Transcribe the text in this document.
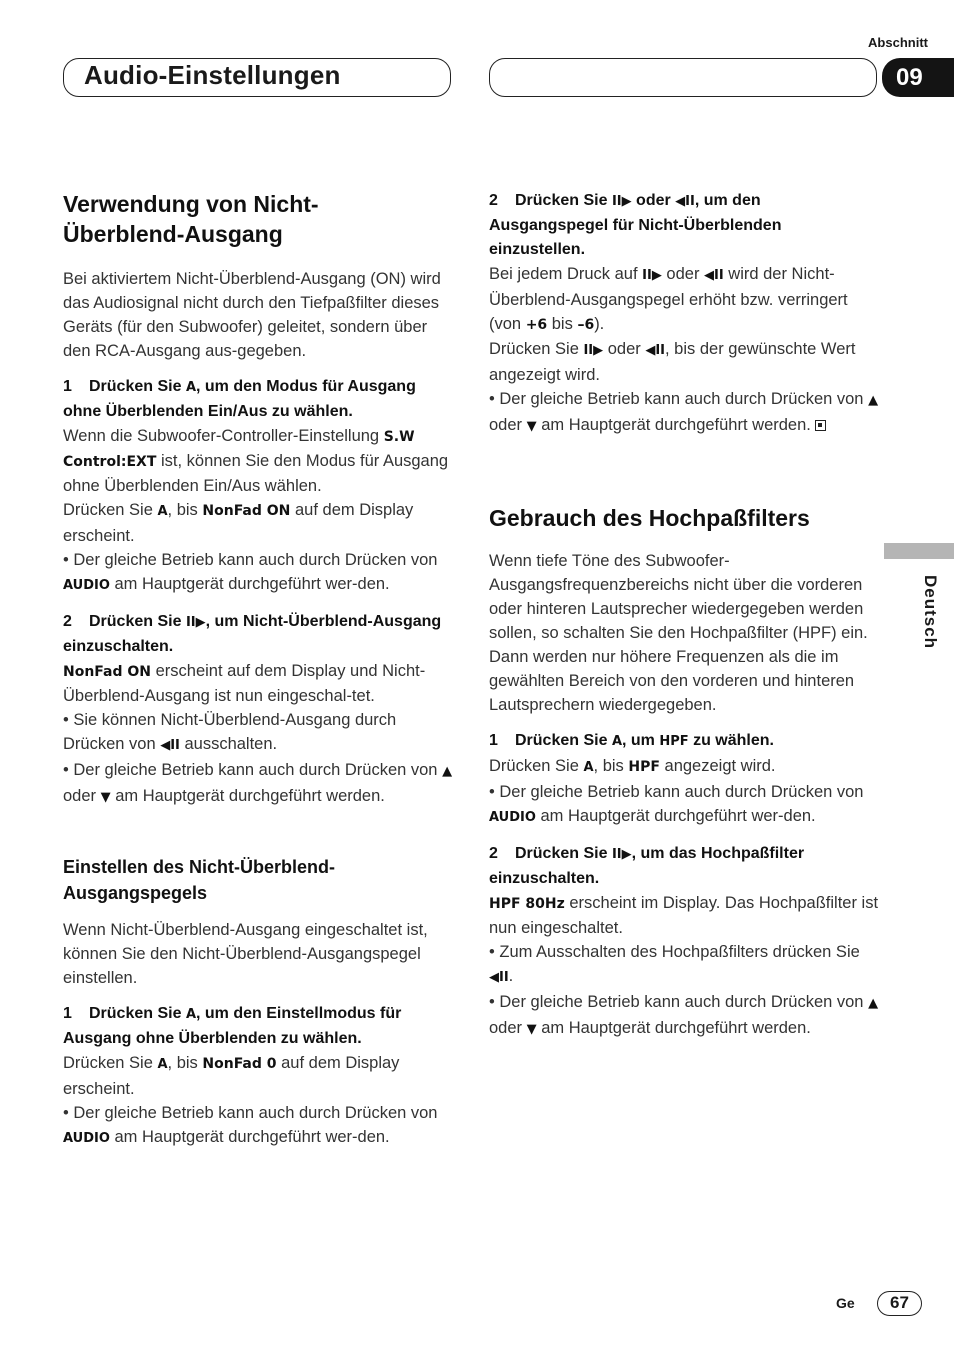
Abschnitt
Audio-Einstellungen	09
Deutsch
Verwendung von Nicht-Überblend-Ausgang

Bei aktiviertem Nicht-Überblend-Ausgang (ON) wird das Audiosignal nicht durch den Tiefpaßfilter dieses Geräts (für den Subwoofer) geleitet, sondern über den RCA-Ausgang aus-gegeben.

1 Drücken Sie A, um den Modus für Ausgang ohne Überblenden Ein/Aus zu wählen.

Wenn die Subwoofer-Controller-Einstellung S.W Control:EXT ist, können Sie den Modus für Ausgang ohne Überblenden Ein/Aus wählen.

Drücken Sie A, bis NonFad ON auf dem Display erscheint.

• Der gleiche Betrieb kann auch durch Drücken von AUDIO am Hauptgerät durchgeführt wer-den.

2 Drücken Sie II▶, um Nicht-Überblend-Ausgang einzuschalten.

NonFad ON erscheint auf dem Display und Nicht-Überblend-Ausgang ist nun eingeschal-tet.

• Sie können Nicht-Überblend-Ausgang durch Drücken von ◀II ausschalten.

• Der gleiche Betrieb kann auch durch Drücken von ▲ oder ▼ am Hauptgerät durchgeführt werden.

Einstellen des Nicht-Überblend-Ausgangspegels

Wenn Nicht-Überblend-Ausgang eingeschaltet ist, können Sie den Nicht-Überblend-Ausgangspegel einstellen.

1 Drücken Sie A, um den Einstellmodus für Ausgang ohne Überblenden zu wählen.

Drücken Sie A, bis NonFad 0 auf dem Display erscheint.

• Der gleiche Betrieb kann auch durch Drücken von AUDIO am Hauptgerät durchgeführt wer-den.

2 Drücken Sie II▶ oder ◀II, um den Ausgangspegel für Nicht-Überblenden einzustellen.

Bei jedem Druck auf II▶ oder ◀II wird der Nicht-Überblend-Ausgangspegel erhöht bzw. verringert (von +6 bis –6).

Drücken Sie II▶ oder ◀II, bis der gewünschte Wert angezeigt wird.

• Der gleiche Betrieb kann auch durch Drücken von ▲ oder ▼ am Hauptgerät durchgeführt werden.

Gebrauch des Hochpaßfilters

Wenn tiefe Töne des Subwoofer-Ausgangsfrequenzbereichs nicht über die vorderen oder hinteren Lautsprecher wiedergegeben werden sollen, so schalten Sie den Hochpaßfilter (HPF) ein. Dann werden nur höhere Frequenzen als die im gewählten Bereich von den vorderen und hinteren Lautsprechern wiedergegeben.

1 Drücken Sie A, um HPF zu wählen.

Drücken Sie A, bis HPF angezeigt wird.

• Der gleiche Betrieb kann auch durch Drücken von AUDIO am Hauptgerät durchgeführt wer-den.

2 Drücken Sie II▶, um das Hochpaßfilter einzuschalten.

HPF 80Hz erscheint im Display. Das Hochpaßfilter ist nun eingeschaltet.

• Zum Ausschalten des Hochpaßfilters drücken Sie ◀II.

• Der gleiche Betrieb kann auch durch Drücken von ▲ oder ▼ am Hauptgerät durchgeführt werden.

Ge	67
